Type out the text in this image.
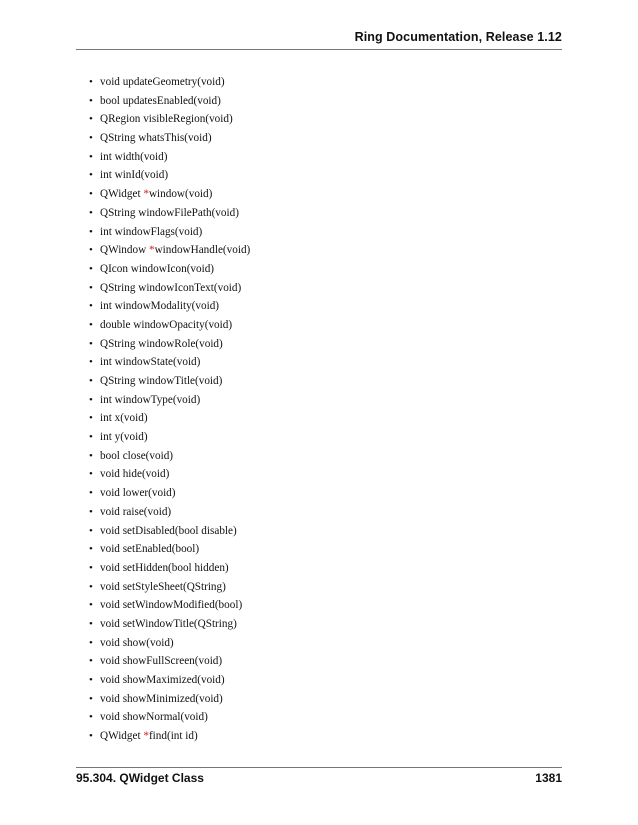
Ring Documentation, Release 1.12
• void updateGeometry(void)
• bool updatesEnabled(void)
• QRegion visibleRegion(void)
• QString whatsThis(void)
• int width(void)
• int winId(void)
• QWidget *window(void)
• QString windowFilePath(void)
• int windowFlags(void)
• QWindow *windowHandle(void)
• QIcon windowIcon(void)
• QString windowIconText(void)
• int windowModality(void)
• double windowOpacity(void)
• QString windowRole(void)
• int windowState(void)
• QString windowTitle(void)
• int windowType(void)
• int x(void)
• int y(void)
• bool close(void)
• void hide(void)
• void lower(void)
• void raise(void)
• void setDisabled(bool disable)
• void setEnabled(bool)
• void setHidden(bool hidden)
• void setStyleSheet(QString)
• void setWindowModified(bool)
• void setWindowTitle(QString)
• void show(void)
• void showFullScreen(void)
• void showMaximized(void)
• void showMinimized(void)
• void showNormal(void)
• QWidget *find(int id)
95.304. QWidget Class	1381
